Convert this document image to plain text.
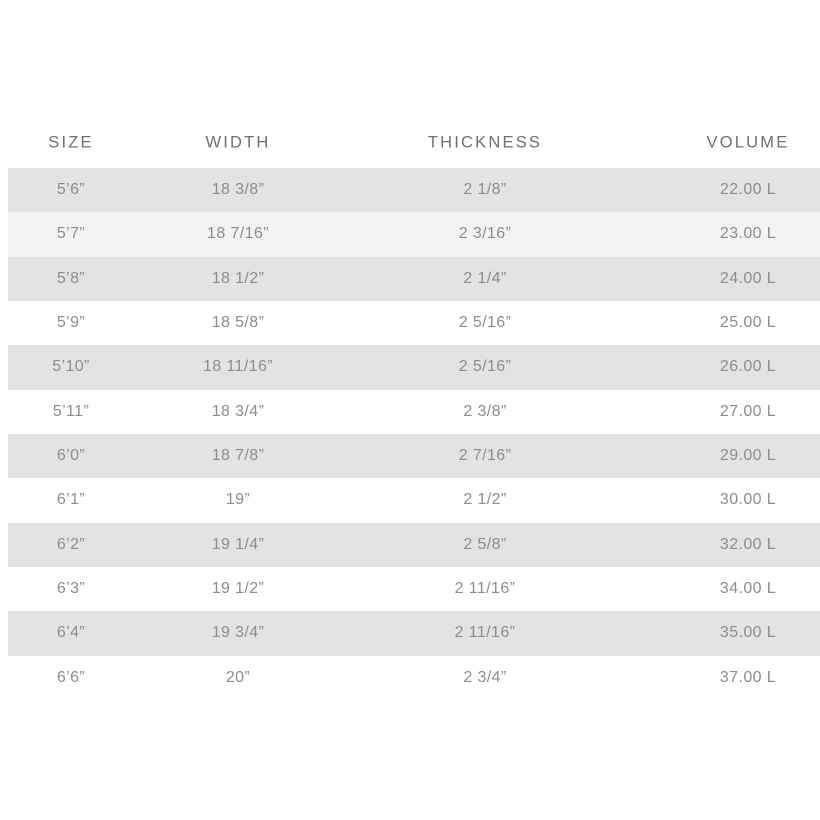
SIZE	WIDTH	THICKNESS	VOLUME
5’6”	18 3/8”	2 1/8”	22.00 L
5’7”	18 7/16”	2 3/16”	23.00 L
5’8”	18 1/2”	2 1/4”	24.00 L
5’9”	18 5/8”	2 5/16”	25.00 L
5’10”	18 11/16”	2 5/16”	26.00 L
5’11”	18 3/4”	2 3/8”	27.00 L
6’0”	18 7/8”	2 7/16”	29.00 L
6’1”	19”	2 1/2”	30.00 L
6’2”	19 1/4”	2 5/8”	32.00 L
6’3”	19 1/2”	2 11/16”	34.00 L
6’4”	19 3/4”	2 11/16”	35.00 L
6’6”	20”	2 3/4”	37.00 L
